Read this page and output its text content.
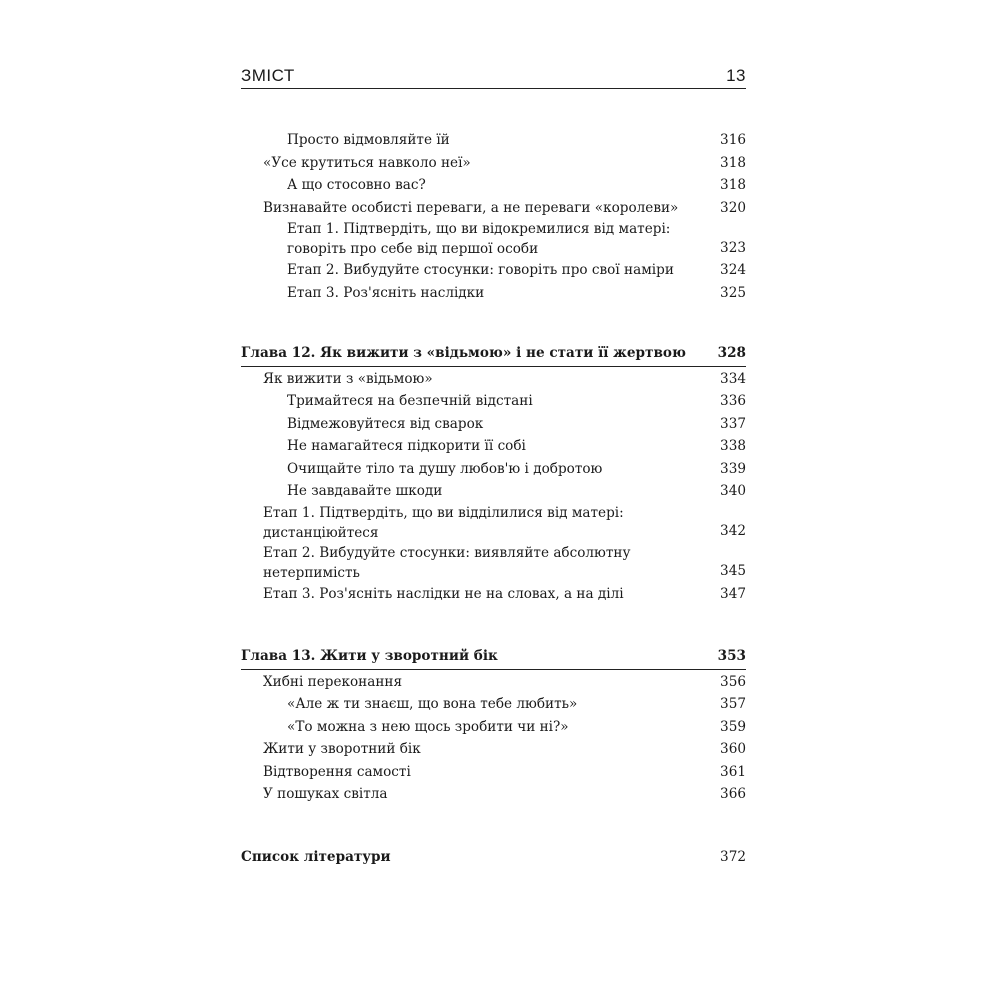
ЗМІСТ	13
Просто відмовляйте їй	316
«Усе крутиться навколо неї»	318
А що стосовно вас?	318
Визнавайте особисті переваги, а не переваги «королеви»	320
Етап 1. Підтвердіть, що ви відокремилися від матері: говоріть про себе від першої особи	323
Етап 2. Вибудуйте стосунки: говоріть про свої наміри	324
Етап 3. Роз'ясніть наслідки	325
Глава 12. Як вижити з «відьмою» і не стати її жертвою	328
Як вижити з «відьмою»	334
Тримайтеся на безпечній відстані	336
Відмежовуйтеся від сварок	337
Не намагайтеся підкорити її собі	338
Очищайте тіло та душу любов'ю і добротою	339
Не завдавайте шкоди	340
Етап 1. Підтвердіть, що ви відділилися від матері: дистанціюйтеся	342
Етап 2. Вибудуйте стосунки: виявляйте абсолютну нетерпимість	345
Етап 3. Роз'ясніть наслідки не на словах, а на ділі	347
Глава 13. Жити у зворотний бік	353
Хибні переконання	356
«Але ж ти знаєш, що вона тебе любить»	357
«То можна з нею щось зробити чи ні?»	359
Жити у зворотний бік	360
Відтворення самості	361
У пошуках світла	366
Список літератури	372
